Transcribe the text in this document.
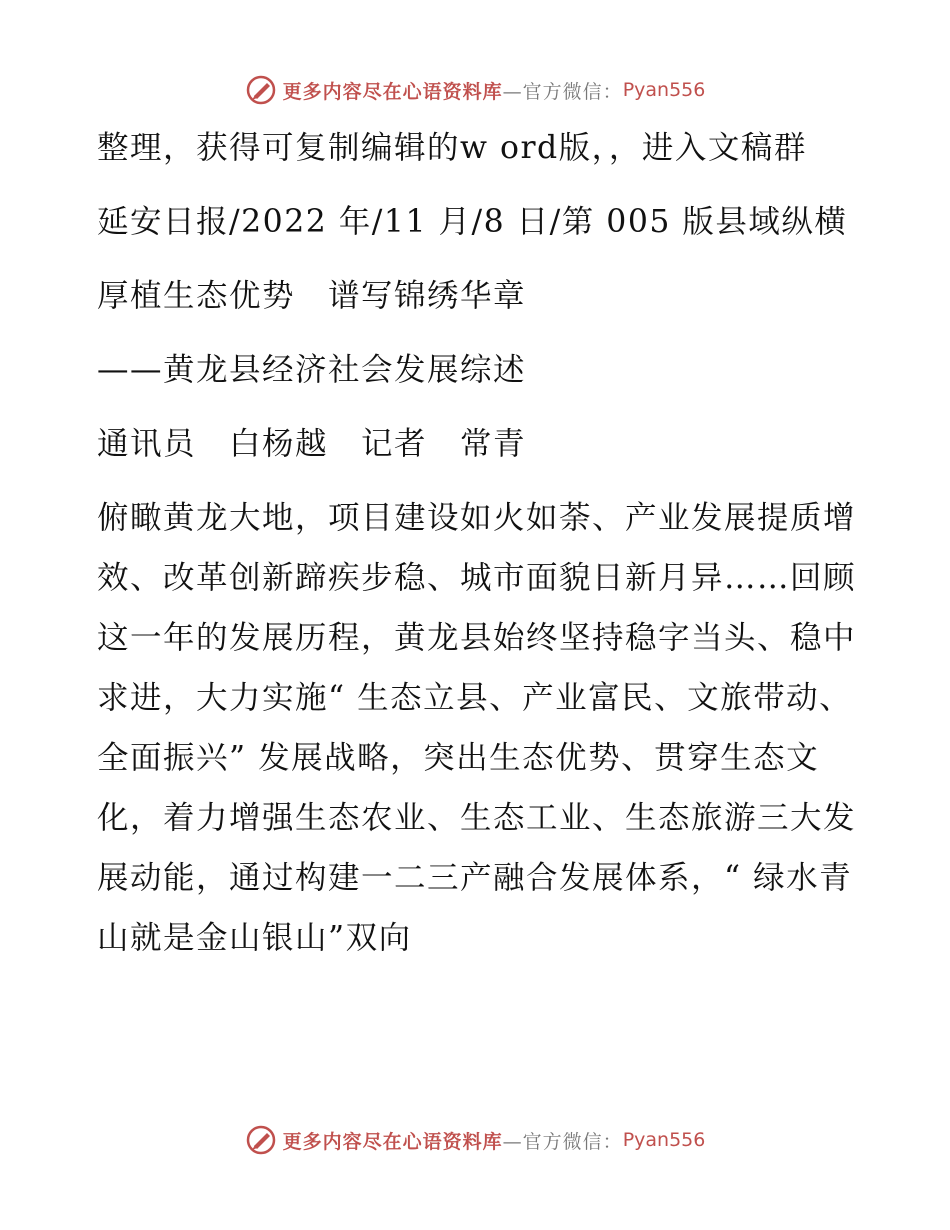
更多内容尽在心语资料库 —官方微信： Pyan556

整理，获得可复制编辑的w ord版，，进入文稿群

延安日报/2022 年/11 月/8 日/第 005 版县域纵横

厚植生态优势　谱写锦绣华章

——黄龙县经济社会发展综述

通讯员　白杨越　记者　常青

俯瞰黄龙大地，项目建设如火如荼、产业发展提质增效、改革创新蹄疾步稳、城市面貌日新月异……回顾这一年的发展历程，黄龙县始终坚持稳字当头、稳中求进，大力实施“ 生态立县、产业富民、文旅带动、全面振兴” 发展战略，突出生态优势、贯穿生态文化，着力增强生态农业、生态工业、生态旅游三大发展动能，通过构建一二三产融合发展体系，“ 绿水青山就是金山银山”双向

更多内容尽在心语资料库 —官方微信： Pyan556
